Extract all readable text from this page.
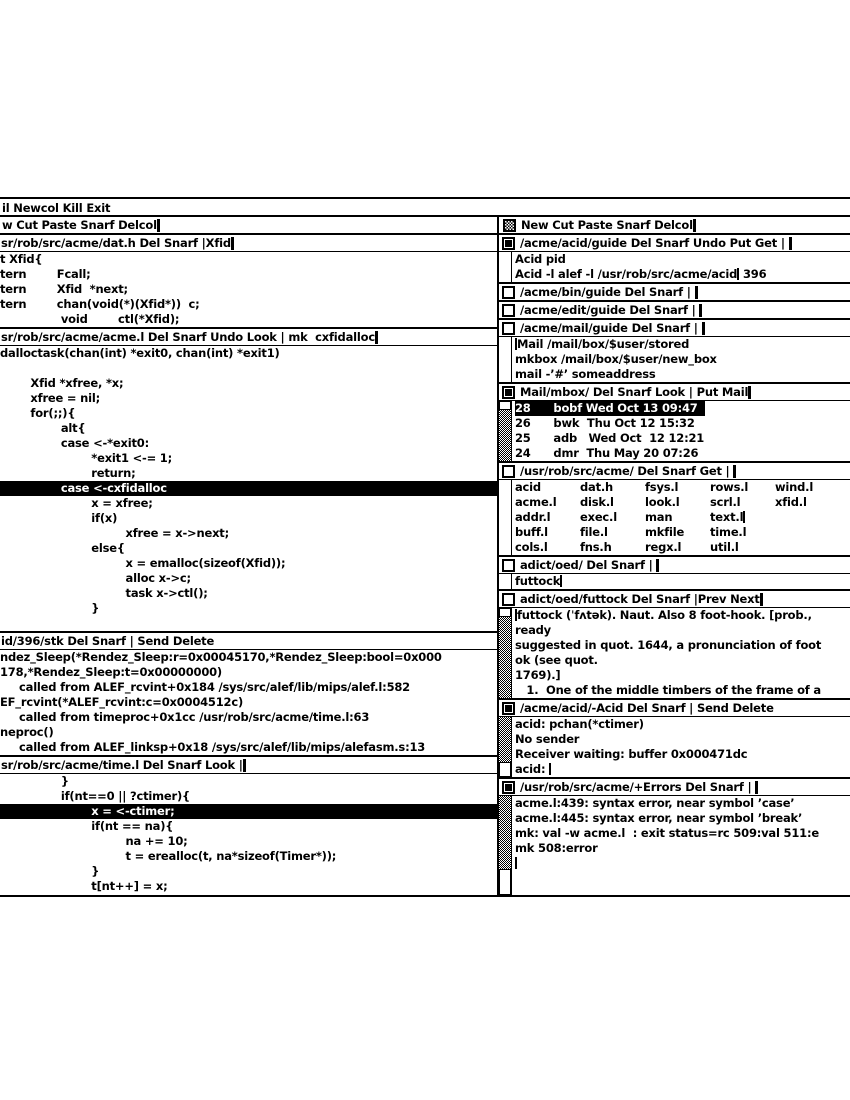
il Newcol Kill Exit
w Cut Paste Snarf Delcol
sr/rob/src/acme/dat.h Del Snarf |Xfid
t Xfid{
tern        Fcall;
tern        Xfid  *next;
tern        chan(void(*)(Xfid*))  c;
void        ctl(*Xfid);
sr/rob/src/acme/acme.l Del Snarf Undo Look | mk  cxfidalloc
dalloctask(chan(int) *exit0, chan(int) *exit1)
Xfid *xfree, *x;
xfree = nil;
for(;;){
alt{
case <-*exit0:
*exit1 <-= 1;
return;
case <-cxfidalloc
x = xfree;
if(x)
xfree = x->next;
else{
x = emalloc(sizeof(Xfid));
alloc x->c;
task x->ctl();
}
id/396/stk Del Snarf | Send Delete
ndez_Sleep(*Rendez_Sleep:r=0x00045170,*Rendez_Sleep:bool=0x000
178,*Rendez_Sleep:t=0x00000000)
called from ALEF_rcvint+0x184 /sys/src/alef/lib/mips/alef.l:582
EF_rcvint(*ALEF_rcvint:c=0x0004512c)
called from timeproc+0x1cc /usr/rob/src/acme/time.l:63
neproc()
called from ALEF_linksp+0x18 /sys/src/alef/lib/mips/alefasm.s:13
sr/rob/src/acme/time.l Del Snarf Look |
}
if(nt==0 || ?ctimer){
x = <-ctimer;
if(nt == na){
na += 10;
t = erealloc(t, na*sizeof(Timer*));
}
t[nt++] = x;
New Cut Paste Snarf Delcol
/acme/acid/guide Del Snarf Undo Put Get |
Acid pid
Acid -l alef -l /usr/rob/src/acme/acid 396
/acme/bin/guide Del Snarf |
/acme/edit/guide Del Snarf |
/acme/mail/guide Del Snarf |
Mail /mail/box/$user/stored
mkbox /mail/box/$user/new_box
mail -’#’ someaddress
Mail/mbox/ Del Snarf Look | Put Mail
28      bobf Wed Oct 13 09:47
26      bwk  Thu Oct 12 15:32
25      adb   Wed Oct  12 12:21
24      dmr  Thu May 20 07:26
/usr/rob/src/acme/ Del Snarf Get |
acid	dat.h	fsys.l	rows.l	wind.l
acme.l	disk.l	look.l	scrl.l	xfid.l
addr.l	exec.l	man	text.l
buff.l	file.l	mkfile	time.l
cols.l	fns.h	regx.l	util.l
adict/oed/ Del Snarf |
futtock
adict/oed/futtock Del Snarf |Prev Next
futtock (ˈfʌtək). Naut. Also 8 foot-hook. [prob.,
ready
suggested in quot. 1644, a pronunciation of foot
ok (see quot.
1769).]
1.  One of the middle timbers of the frame of a
/acme/acid/-Acid Del Snarf | Send Delete
acid: pchan(*ctimer)
No sender
Receiver waiting: buffer 0x000471dc
acid:
/usr/rob/src/acme/+Errors Del Snarf |
acme.l:439: syntax error, near symbol ’case’
acme.l:445: syntax error, near symbol ’break’
mk: val -w acme.l  : exit status=rc 509:val 511:e
mk 508:error
